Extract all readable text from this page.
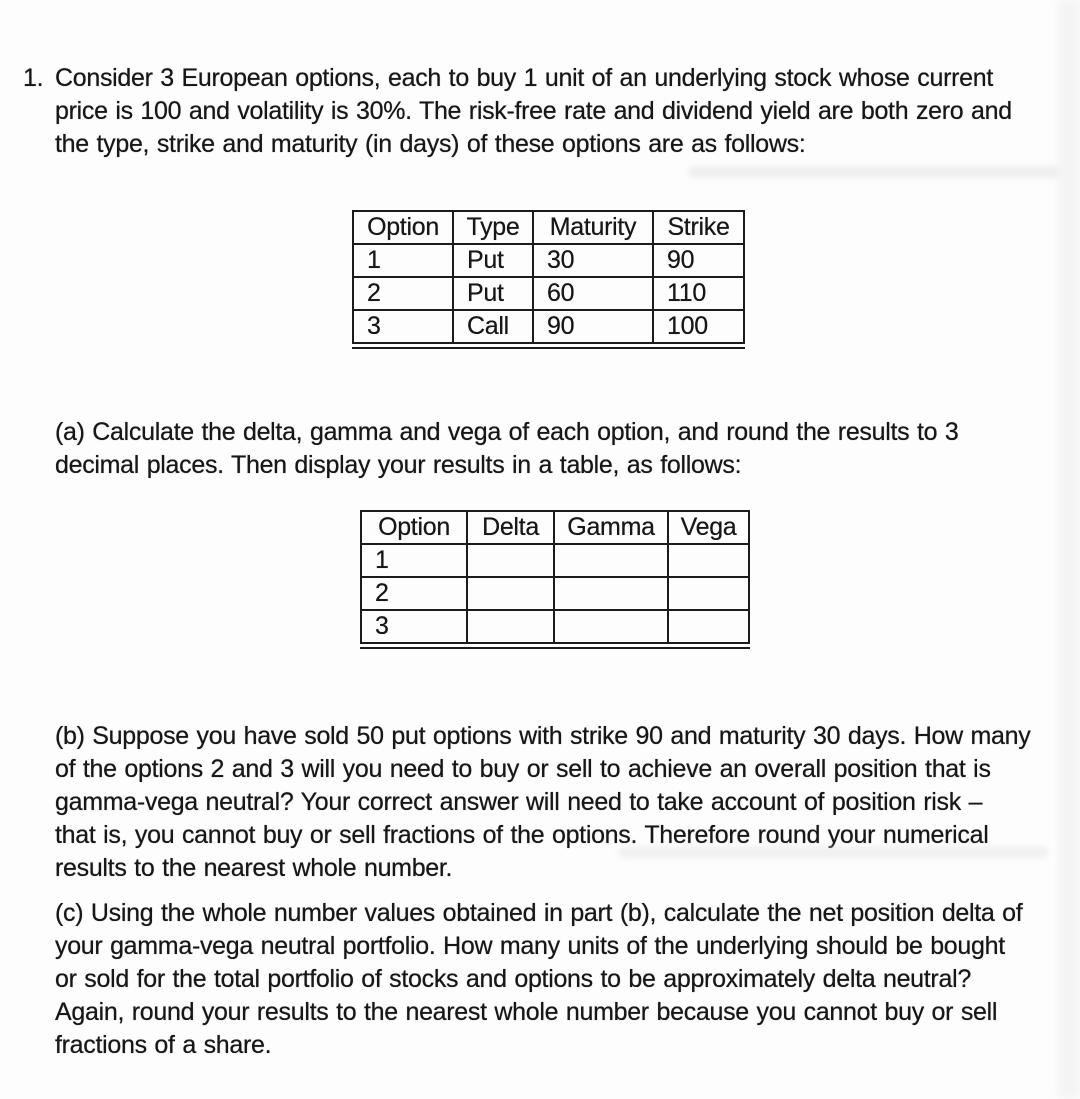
1. Consider 3 European options, each to buy 1 unit of an underlying stock whose current
price is 100 and volatility is 30%. The risk-free rate and dividend yield are both zero and
the type, strike and maturity (in days) of these options are as follows:

Option	Type	Maturity	Strike
1	Put	30	90
2	Put	60	110
3	Call	90	100

(a) Calculate the delta, gamma and vega of each option, and round the results to 3
decimal places. Then display your results in a table, as follows:

Option	Delta	Gamma	Vega
1			
2			
3			

(b) Suppose you have sold 50 put options with strike 90 and maturity 30 days. How many
of the options 2 and 3 will you need to buy or sell to achieve an overall position that is
gamma-vega neutral? Your correct answer will need to take account of position risk –
that is, you cannot buy or sell fractions of the options. Therefore round your numerical
results to the nearest whole number.

(c) Using the whole number values obtained in part (b), calculate the net position delta of
your gamma-vega neutral portfolio. How many units of the underlying should be bought
or sold for the total portfolio of stocks and options to be approximately delta neutral?
Again, round your results to the nearest whole number because you cannot buy or sell
fractions of a share.
